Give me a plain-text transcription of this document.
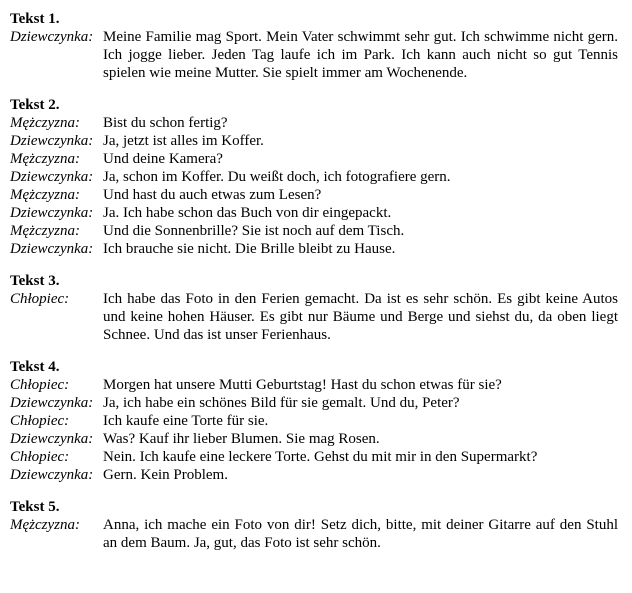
Tekst 1.
Dziewczynka: Meine Familie mag Sport. Mein Vater schwimmt sehr gut. Ich schwimme nicht gern. Ich jogge lieber. Jeden Tag laufe ich im Park. Ich kann auch nicht so gut Tennis spielen wie meine Mutter. Sie spielt immer am Wochenende.
Tekst 2.
Mężczyzna:	Bist du schon fertig?
Dziewczynka: Ja, jetzt ist alles im Koffer.
Mężczyzna:	Und deine Kamera?
Dziewczynka: Ja, schon im Koffer. Du weißt doch, ich fotografiere gern.
Mężczyzna:	Und hast du auch etwas zum Lesen?
Dziewczynka: Ja. Ich habe schon das Buch von dir eingepackt.
Mężczyzna:	Und die Sonnenbrille? Sie ist noch auf dem Tisch.
Dziewczynka: Ich brauche sie nicht. Die Brille bleibt zu Hause.
Tekst 3.
Chłopiec:	Ich habe das Foto in den Ferien gemacht. Da ist es sehr schön. Es gibt keine Autos und keine hohen Häuser. Es gibt nur Bäume und Berge und siehst du, da oben liegt Schnee. Und das ist unser Ferienhaus.
Tekst 4.
Chłopiec:	Morgen hat unsere Mutti Geburtstag! Hast du schon etwas für sie?
Dziewczynka: Ja, ich habe ein schönes Bild für sie gemalt. Und du, Peter?
Chłopiec:	Ich kaufe eine Torte für sie.
Dziewczynka: Was? Kauf ihr lieber Blumen. Sie mag Rosen.
Chłopiec:	Nein. Ich kaufe eine leckere Torte. Gehst du mit mir in den Supermarkt?
Dziewczynka: Gern. Kein Problem.
Tekst 5.
Mężczyzna:	Anna, ich mache ein Foto von dir! Setz dich, bitte, mit deiner Gitarre auf den Stuhl an dem Baum. Ja, gut, das Foto ist sehr schön.
